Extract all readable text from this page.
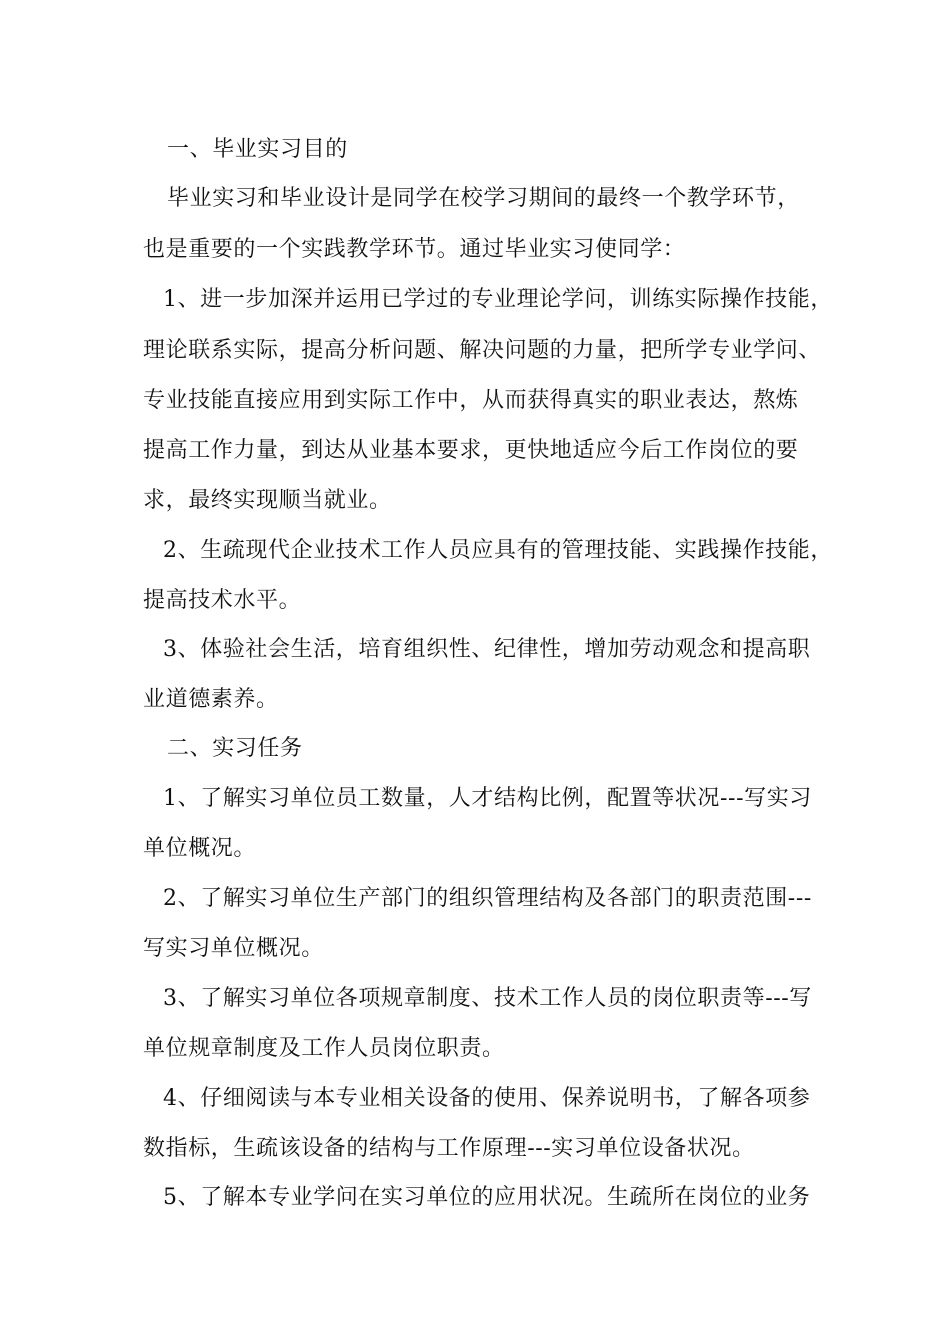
一、毕业实习目的
毕业实习和毕业设计是同学在校学习期间的最终一个教学环节，
也是重要的一个实践教学环节。通过毕业实习使同学：
1、进一步加深并运用已学过的专业理论学问，训练实际操作技能，
理论联系实际，提高分析问题、解决问题的力量，把所学专业学问、
专业技能直接应用到实际工作中，从而获得真实的职业表达，熬炼
提高工作力量，到达从业基本要求，更快地适应今后工作岗位的要
求，最终实现顺当就业。
2、生疏现代企业技术工作人员应具有的管理技能、实践操作技能，
提高技术水平。
3、体验社会生活，培育组织性、纪律性，增加劳动观念和提高职
业道德素养。
二、实习任务
1、了解实习单位员工数量，人才结构比例，配置等状况---写实习
单位概况。
2、了解实习单位生产部门的组织管理结构及各部门的职责范围---
写实习单位概况。
3、了解实习单位各项规章制度、技术工作人员的岗位职责等---写
单位规章制度及工作人员岗位职责。
4、仔细阅读与本专业相关设备的使用、保养说明书，了解各项参
数指标，生疏该设备的结构与工作原理---实习单位设备状况。
5、了解本专业学问在实习单位的应用状况。生疏所在岗位的业务
